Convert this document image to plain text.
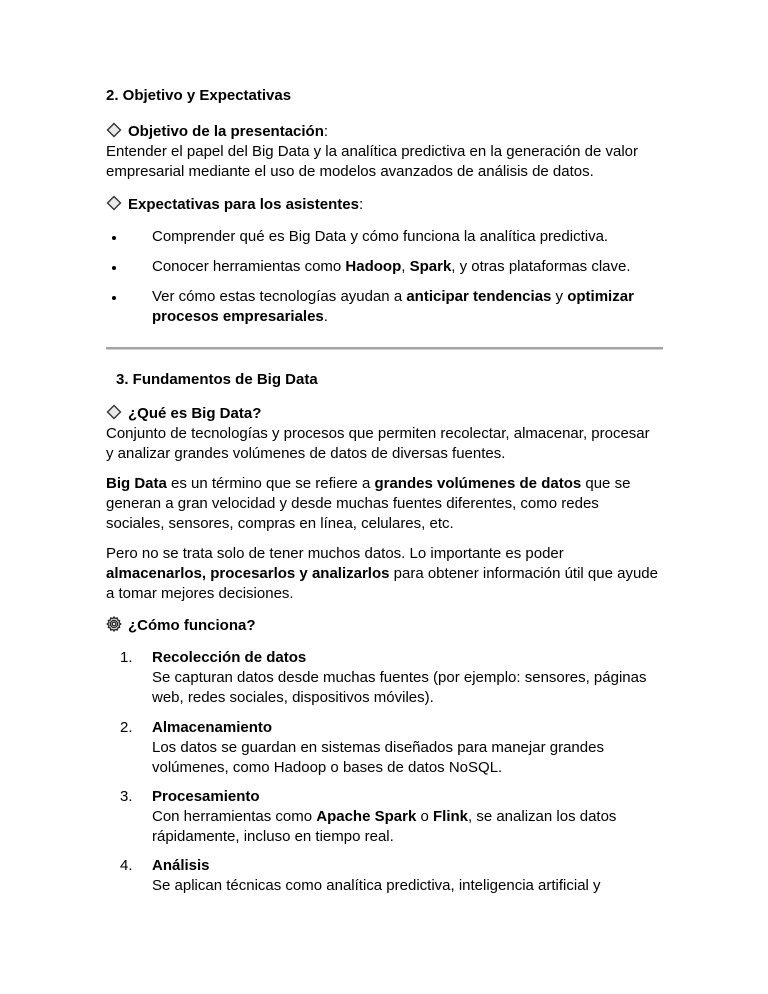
2. Objetivo y Expectativas
Objetivo de la presentación:
Entender el papel del Big Data y la analítica predictiva en la generación de valor
empresarial mediante el uso de modelos avanzados de análisis de datos.
Expectativas para los asistentes:
Comprender qué es Big Data y cómo funciona la analítica predictiva.
Conocer herramientas como Hadoop, Spark, y otras plataformas clave.
Ver cómo estas tecnologías ayudan a anticipar tendencias y optimizar
procesos empresariales.
3. Fundamentos de Big Data
¿Qué es Big Data?
Conjunto de tecnologías y procesos que permiten recolectar, almacenar, procesar
y analizar grandes volúmenes de datos de diversas fuentes.
Big Data es un término que se refiere a grandes volúmenes de datos que se
generan a gran velocidad y desde muchas fuentes diferentes, como redes
sociales, sensores, compras en línea, celulares, etc.
Pero no se trata solo de tener muchos datos. Lo importante es poder
almacenarlos, procesarlos y analizarlos para obtener información útil que ayude
a tomar mejores decisiones.
¿Cómo funciona?
1. Recolección de datos
Se capturan datos desde muchas fuentes (por ejemplo: sensores, páginas
web, redes sociales, dispositivos móviles).
2. Almacenamiento
Los datos se guardan en sistemas diseñados para manejar grandes
volúmenes, como Hadoop o bases de datos NoSQL.
3. Procesamiento
Con herramientas como Apache Spark o Flink, se analizan los datos
rápidamente, incluso en tiempo real.
4. Análisis
Se aplican técnicas como analítica predictiva, inteligencia artificial y
